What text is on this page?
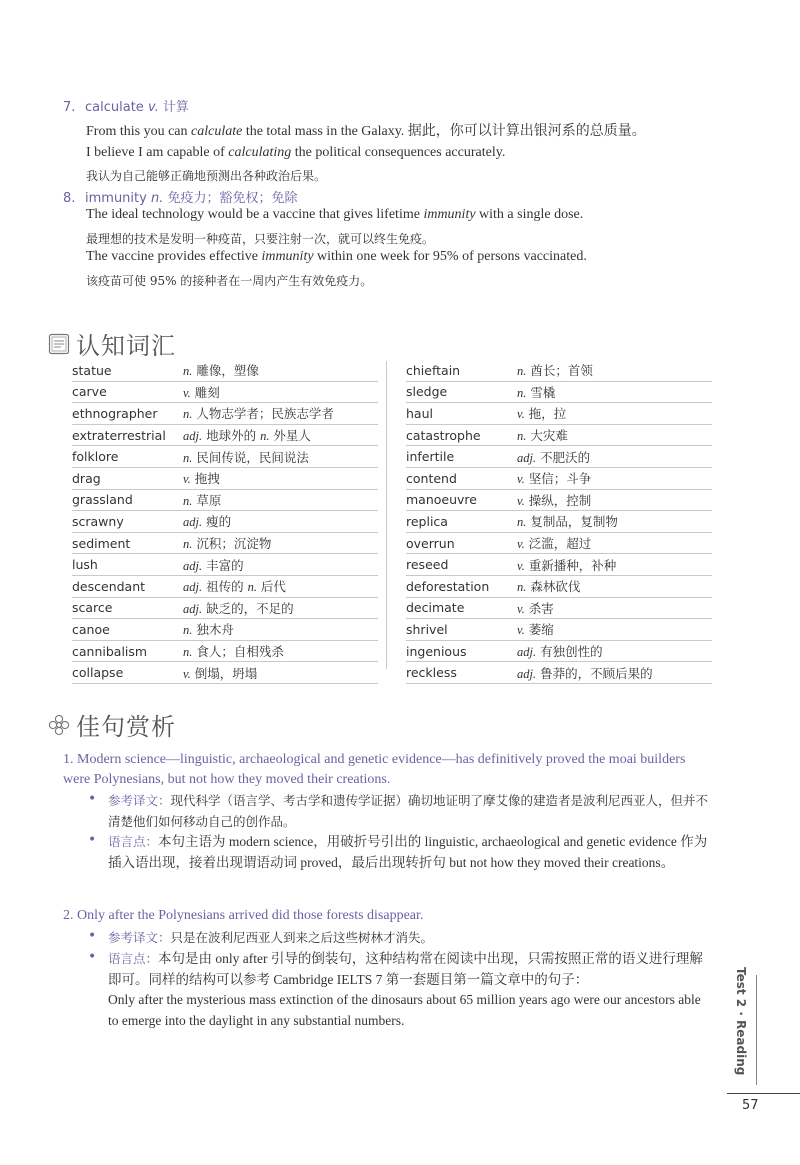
7. calculate v. 计算
From this you can calculate the total mass in the Galaxy. 据此，你可以计算出银河系的总质量。
I believe I am capable of calculating the political consequences accurately.
我认为自己能够正确地预测出各种政治后果。
8. immunity n. 免疫力；豁免权；免除
The ideal technology would be a vaccine that gives lifetime immunity with a single dose.
最理想的技术是发明一种疫苗，只要注射一次，就可以终生免疫。
The vaccine provides effective immunity within one week for 95% of persons vaccinated.
该疫苗可使 95% 的接种者在一周内产生有效免疫力。
认知词汇
statue	n. 雕像，塑像
carve	v. 雕刻
ethnographer n. 人物志学者；民族志学者
extraterrestrial adj. 地球外的 n. 外星人
folklore	n. 民间传说，民间说法
drag	v. 拖拽
grassland	n. 草原
scrawny	adj. 瘦的
sediment	n. 沉积；沉淀物
lush	adj. 丰富的
descendant	adj. 祖传的 n. 后代
scarce	adj. 缺乏的，不足的
canoe	n. 独木舟
cannibalism	n. 食人；自相残杀
collapse	v. 倒塌，坍塌
chieftain	n. 酋长；首领
sledge	n. 雪橇
haul	v. 拖，拉
catastrophe	n. 大灾难
infertile	adj. 不肥沃的
contend	v. 坚信；斗争
manoeuvre	v. 操纵，控制
replica	n. 复制品，复制物
overrun	v. 泛滥，超过
reseed	v. 重新播种，补种
deforestation n. 森林砍伐
decimate	v. 杀害
shrivel	v. 萎缩
ingenious	adj. 有独创性的
reckless	adj. 鲁莽的，不顾后果的
佳句赏析
1. Modern science—linguistic, archaeological and genetic evidence—has definitively proved the moai builders were Polynesians, but not how they moved their creations.
• 参考译文：现代科学（语言学、考古学和遗传学证据）确切地证明了摩艾像的建造者是波利尼西亚人，但并不清楚他们如何移动自己的创作品。
• 语言点：本句主语为 modern science，用破折号引出的 linguistic, archaeological and genetic evidence 作为插入语出现，接着出现谓语动词 proved，最后出现转折句 but not how they moved their creations。
2. Only after the Polynesians arrived did those forests disappear.
• 参考译文：只是在波利尼西亚人到来之后这些树林才消失。
• 语言点：本句是由 only after 引导的倒装句，这种结构常在阅读中出现，只需按照正常的语义进行理解即可。同样的结构可以参考 Cambridge IELTS 7 第一套题目第一篇文章中的句子：
Only after the mysterious mass extinction of the dinosaurs about 65 million years ago were our ancestors able to emerge into the daylight in any substantial numbers.	Test 2 · Reading
57
